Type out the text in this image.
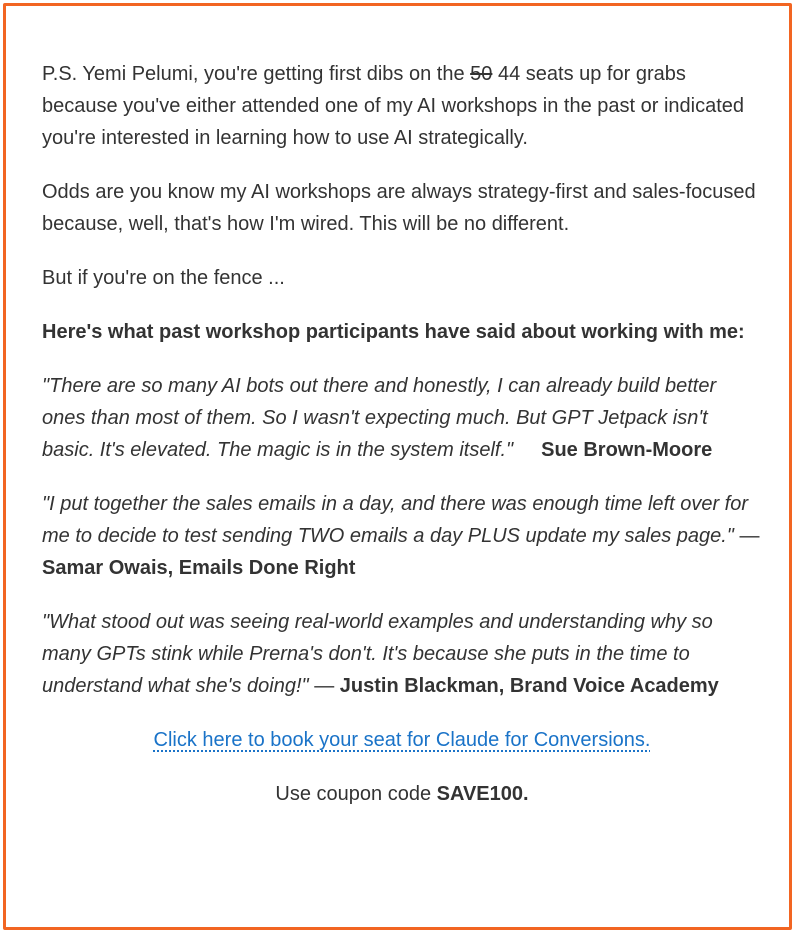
P.S. Yemi Pelumi, you're getting first dibs on the 50 44 seats up for grabs because you've either attended one of my AI workshops in the past or indicated you're interested in learning how to use AI strategically.

Odds are you know my AI workshops are always strategy-first and sales-focused because, well, that's how I'm wired. This will be no different.

But if you're on the fence ...

Here's what past workshop participants have said about working with me:

"There are so many AI bots out there and honestly, I can already build better ones than most of them. So I wasn't expecting much. But GPT Jetpack isn't basic. It's elevated. The magic is in the system itself." Sue Brown-Moore

"I put together the sales emails in a day, and there was enough time left over for me to decide to test sending TWO emails a day PLUS update my sales page." — Samar Owais, Emails Done Right

"What stood out was seeing real-world examples and understanding why so many GPTs stink while Prerna's don't. It's because she puts in the time to understand what she's doing!" — Justin Blackman, Brand Voice Academy

Click here to book your seat for Claude for Conversions.

Use coupon code SAVE100.
